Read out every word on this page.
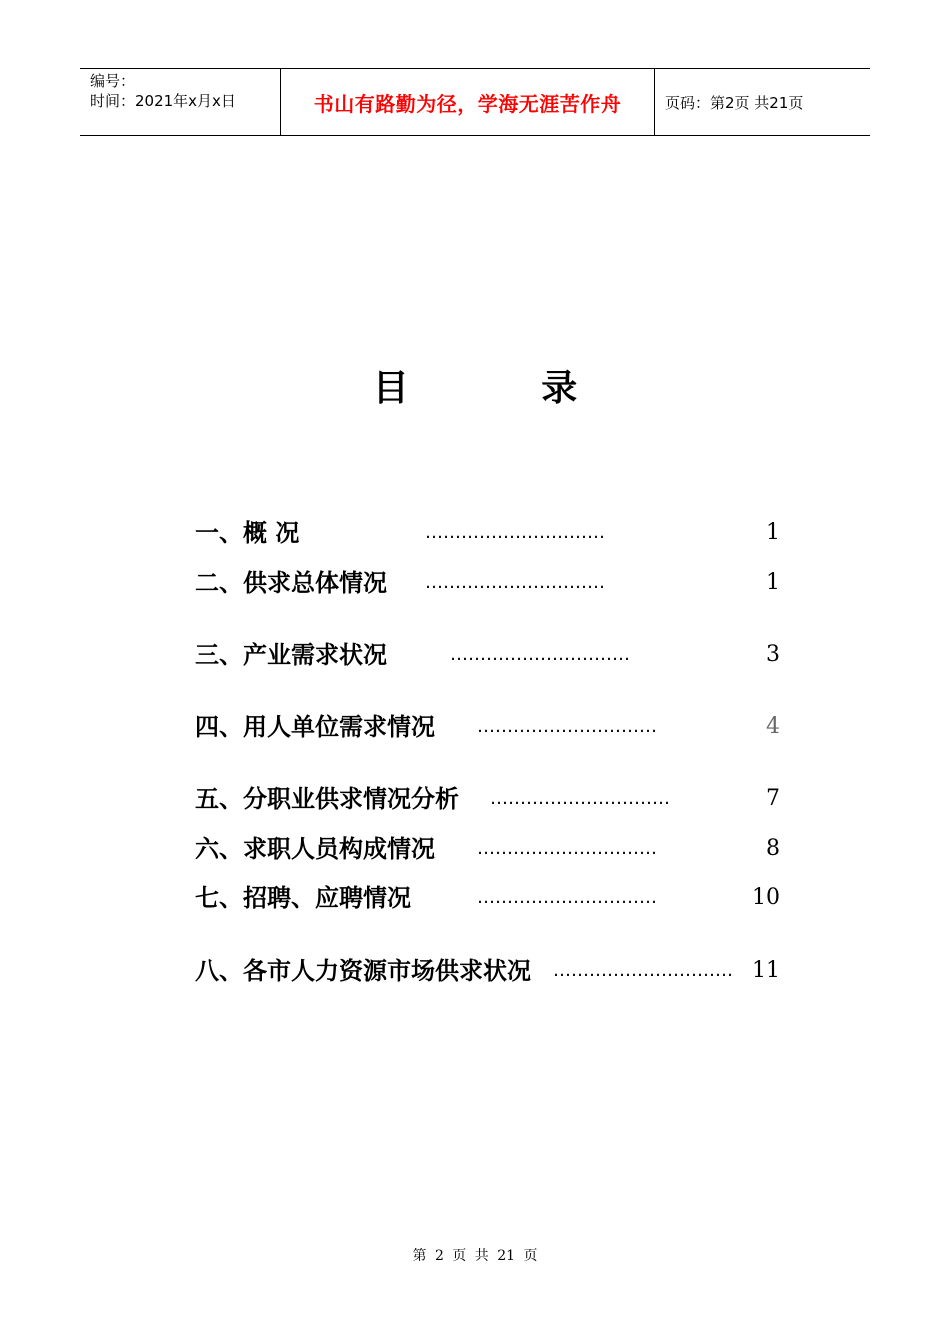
编号：
时间：2021年x月x日	书山有路勤为径，学海无涯苦作舟	页码：第2页 共21页
目 录
一、概 况	…………………………	1
二、供求总体情况 …………………………	1
三、产业需求状况	…………………………	3
四、用人单位需求情况 …………………………	4
五、分职业供求情况分析 …………………………	7
六、求职人员构成情况 …………………………	8
七、招聘、应聘情况	…………………………	10
八、各市人力资源市场供求状况 ………………………… 11
第 2 页 共 21 页
